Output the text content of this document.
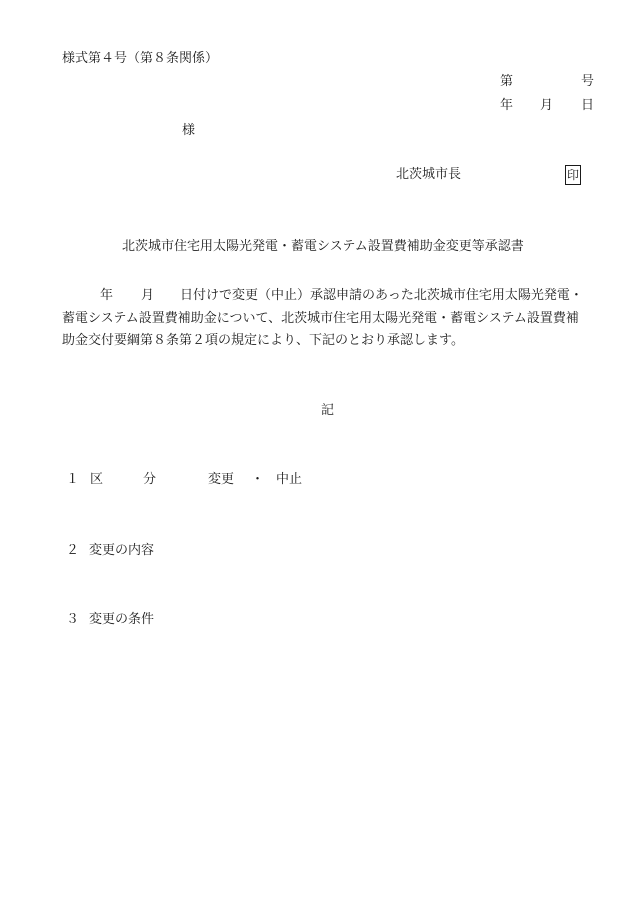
様式第４号（第８条関係）
第	号
年 月 日
様
北茨城市長	印
北茨城市住宅用太陽光発電・蓄電システム設置費補助金変更等承認書
年 月 日付けで変更（中止）承認申請のあった北茨城市住宅用太陽光発電・
蓄電システム設置費補助金について、北茨城市住宅用太陽光発電・蓄電システム設置費補
助金交付要綱第８条第２項の規定により、下記のとおり承認します。
記
１ 区	分	変更 ・ 中止
２ 変更の内容
３ 変更の条件
